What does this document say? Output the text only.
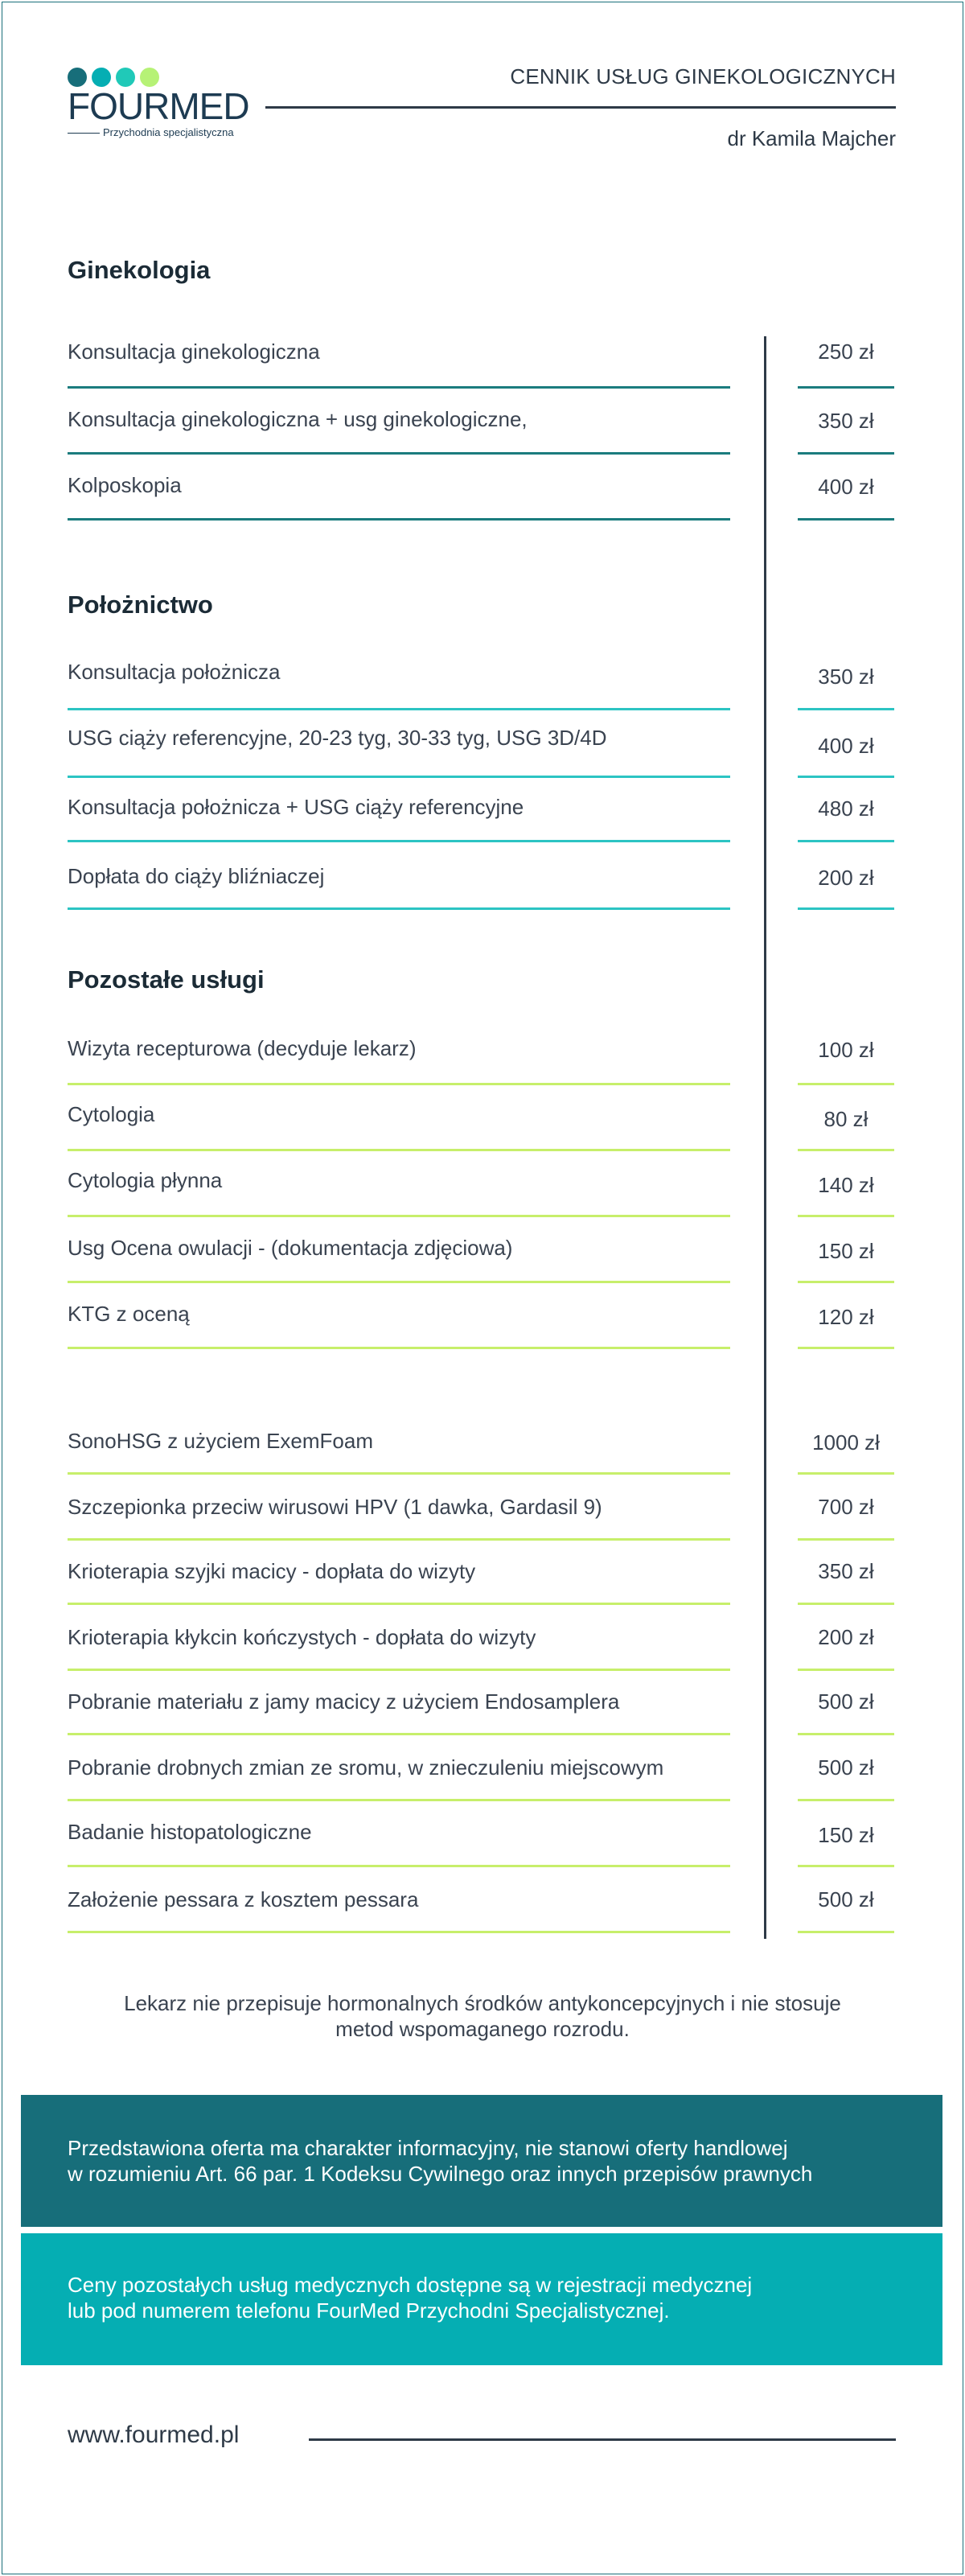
FOURMED
Przychodnia specjalistyczna
CENNIK USŁUG GINEKOLOGICZNYCH
dr Kamila Majcher
Ginekologia
Konsultacja ginekologiczna	250 zł
Konsultacja ginekologiczna + usg ginekologiczne,	350 zł
Kolposkopia	400 zł
Położnictwo
Konsultacja położnicza	350 zł
USG ciąży referencyjne, 20-23 tyg, 30-33 tyg, USG 3D/4D	400 zł
Konsultacja położnicza + USG ciąży referencyjne	480 zł
Dopłata do ciąży bliźniaczej	200 zł
Pozostałe usługi
Wizyta recepturowa (decyduje lekarz)	100 zł
Cytologia	80 zł
Cytologia płynna	140 zł
Usg Ocena owulacji - (dokumentacja zdjęciowa)	150 zł
KTG z oceną	120 zł
SonoHSG z użyciem ExemFoam	1000 zł
Szczepionka przeciw wirusowi HPV (1 dawka, Gardasil 9)	700 zł
Krioterapia szyjki macicy - dopłata do wizyty	350 zł
Krioterapia kłykcin kończystych - dopłata do wizyty	200 zł
Pobranie materiału z jamy macicy z użyciem Endosamplera	500 zł
Pobranie drobnych zmian ze sromu, w znieczuleniu miejscowym	500 zł
Badanie histopatologiczne	150 zł
Założenie pessara z kosztem pessara	500 zł
Lekarz nie przepisuje hormonalnych środków antykoncepcyjnych i nie stosuje
metod wspomaganego rozrodu.
Przedstawiona oferta ma charakter informacyjny, nie stanowi oferty handlowej
w rozumieniu Art. 66 par. 1 Kodeksu Cywilnego oraz innych przepisów prawnych
Ceny pozostałych usług medycznych dostępne są w rejestracji medycznej
lub pod numerem telefonu FourMed Przychodni Specjalistycznej.
www.fourmed.pl
